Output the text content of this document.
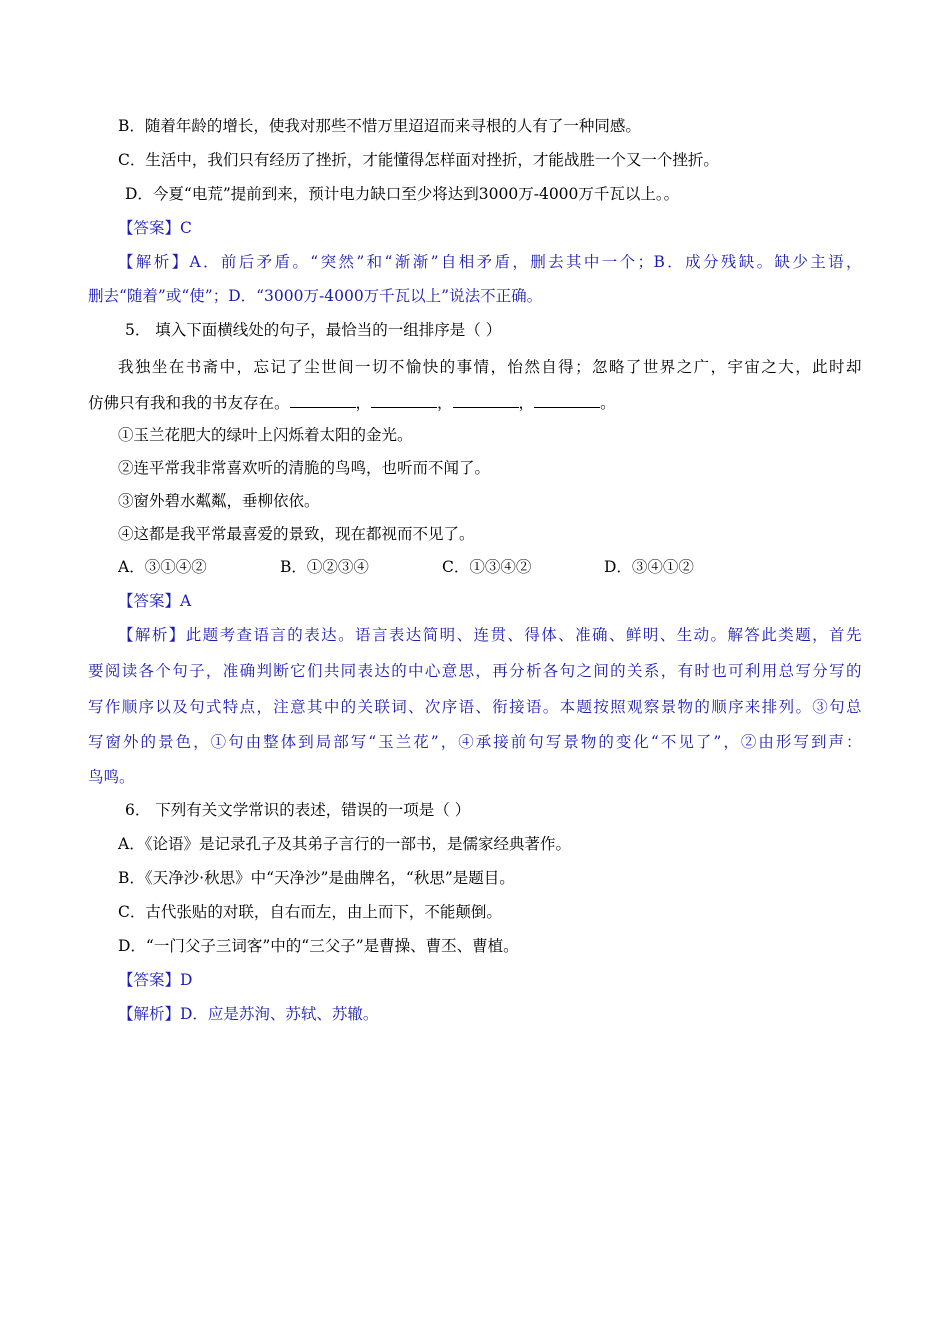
B．随着年龄的增长，使我对那些不惜万里迢迢而来寻根的人有了一种同感。
C．生活中，我们只有经历了挫折，才能懂得怎样面对挫折，才能战胜一个又一个挫折。
D．今夏“电荒”提前到来，预计电力缺口至少将达到3000万-4000万千瓦以上。。
【答案】C
【解析】A．前后矛盾。“突然”和“渐渐”自相矛盾，删去其中一个；B．成分残缺。缺少主语，
删去“随着”或“使”；D．“3000万-4000万千瓦以上”说法不正确。
5． 填入下面横线处的句子，最恰当的一组排序是（ ）
我独坐在书斋中，忘记了尘世间一切不愉快的事情，怡然自得；忽略了世界之广，宇宙之大，此时却
仿佛只有我和我的书友存在。	，	，	，	。
①玉兰花肥大的绿叶上闪烁着太阳的金光。
②连平常我非常喜欢听的清脆的鸟鸣，也听而不闻了。
③窗外碧水粼粼，垂柳依依。
④这都是我平常最喜爱的景致，现在都视而不见了。
A．③①④②	B．①②③④	C．①③④②	D．③④①②
【答案】A
【解析】此题考查语言的表达。语言表达简明、连贯、得体、准确、鲜明、生动。解答此类题，首先
要阅读各个句子，准确判断它们共同表达的中心意思，再分析各句之间的关系，有时也可利用总写分写的
写作顺序以及句式特点，注意其中的关联词、次序语、衔接语。本题按照观察景物的顺序来排列。③句总
写窗外的景色，①句由整体到局部写“玉兰花”，④承接前句写景物的变化“不见了”，②由形写到声：
鸟鸣。
6． 下列有关文学常识的表述，错误的一项是（ ）
A．《论语》是记录孔子及其弟子言行的一部书，是儒家经典著作。
B．《天净沙·秋思》中“天净沙”是曲牌名，“秋思”是题目。
C．古代张贴的对联，自右而左，由上而下，不能颠倒。
D．“一门父子三词客”中的“三父子”是曹操、曹丕、曹植。
【答案】D
【解析】D．应是苏洵、苏轼、苏辙。
